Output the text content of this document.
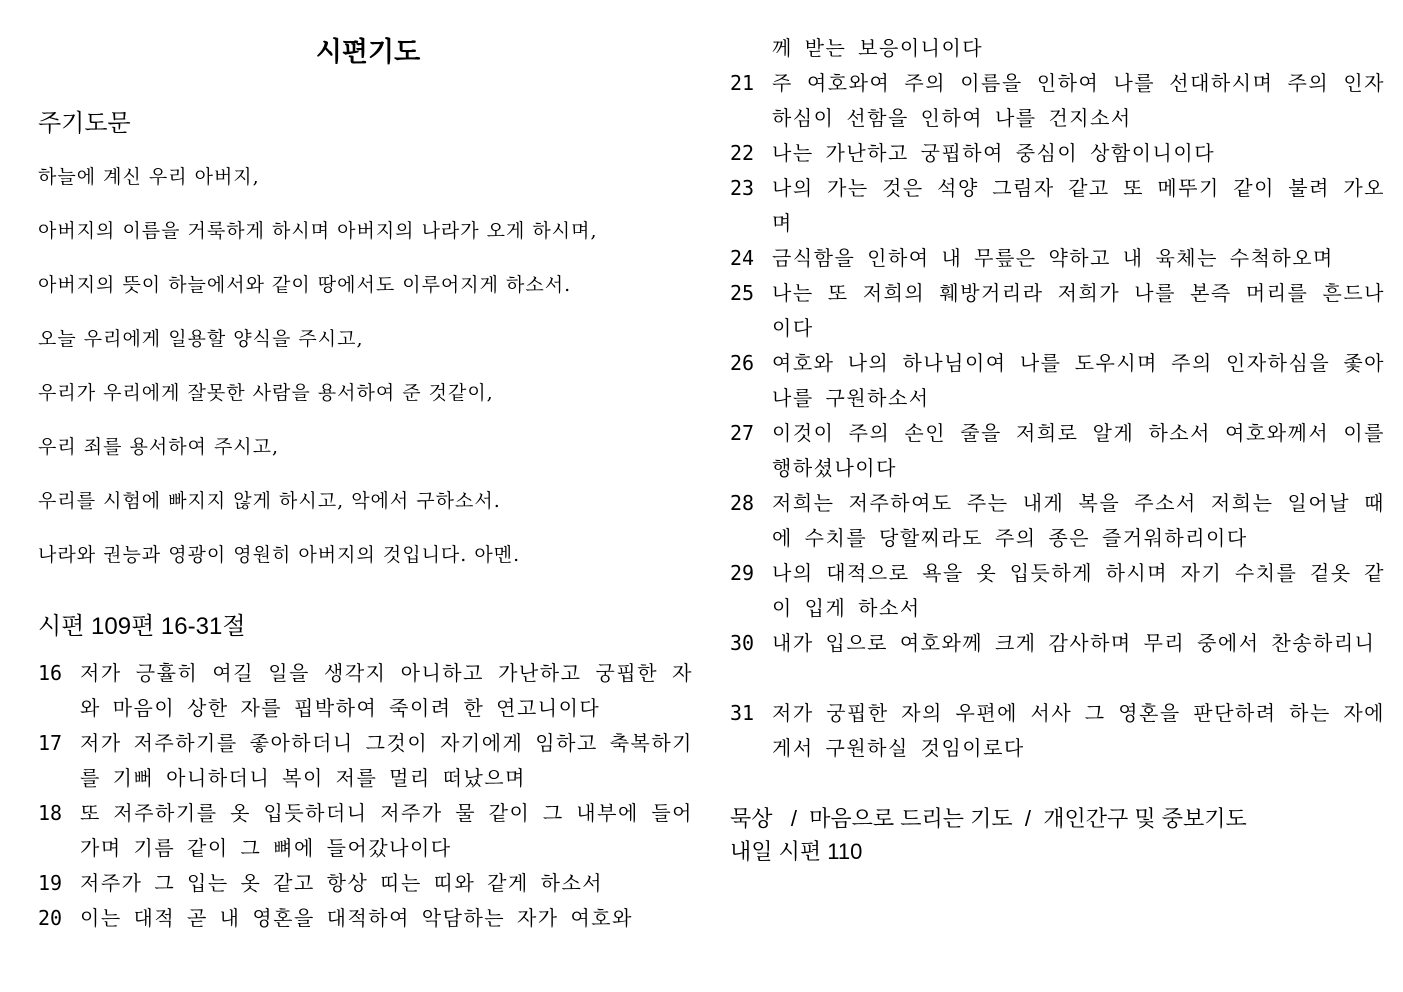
시편기도
주기도문
하늘에 계신 우리 아버지,
아버지의 이름을 거룩하게 하시며 아버지의 나라가 오게 하시며,
아버지의 뜻이 하늘에서와 같이 땅에서도 이루어지게 하소서.
오늘 우리에게 일용할 양식을 주시고,
우리가 우리에게 잘못한 사람을 용서하여 준 것같이,
우리 죄를 용서하여 주시고,
우리를 시험에 빠지지 않게 하시고, 악에서 구하소서.
나라와 권능과 영광이 영원히 아버지의 것입니다. 아멘.
시편 109편 16-31절
16 저가 긍휼히 여길 일을 생각지 아니하고 가난하고 궁핍한 자와 마음이 상한 자를 핍박하여 죽이려 한 연고니이다
17 저가 저주하기를 좋아하더니 그것이 자기에게 임하고 축복하기를 기뻐 아니하더니 복이 저를 멀리 떠났으며
18 또 저주하기를 옷 입듯하더니 저주가 물 같이 그 내부에 들어가며 기름 같이 그 뼈에 들어갔나이다
19 저주가 그 입는 옷 같고 항상 띠는 띠와 같게 하소서
20 이는 대적 곧 내 영혼을 대적하여 악담하는 자가 여호와
께 받는 보응이니이다
21 주 여호와여 주의 이름을 인하여 나를 선대하시며 주의 인자하심이 선함을 인하여 나를 건지소서
22 나는 가난하고 궁핍하여 중심이 상함이니이다
23 나의 가는 것은 석양 그림자 같고 또 메뚜기 같이 불려 가오며
24 금식함을 인하여 내 무릎은 약하고 내 육체는 수척하오며
25 나는 또 저희의 훼방거리라 저희가 나를 본즉 머리를 흔드나이다
26 여호와 나의 하나님이여 나를 도우시며 주의 인자하심을 좇아 나를 구원하소서
27 이것이 주의 손인 줄을 저희로 알게 하소서 여호와께서 이를 행하셨나이다
28 저희는 저주하여도 주는 내게 복을 주소서 저희는 일어날 때에 수치를 당할찌라도 주의 종은 즐거워하리이다
29 나의 대적으로 욕을 옷 입듯하게 하시며 자기 수치를 겉옷 같이 입게 하소서
30 내가 입으로 여호와께 크게 감사하며 무리 중에서 찬송하리니
31 저가 궁핍한 자의 우편에 서사 그 영혼을 판단하려 하는 자에게서 구원하실 것임이로다
묵상   /  마음으로 드리는 기도  /  개인간구 및 중보기도
내일 시편 110
